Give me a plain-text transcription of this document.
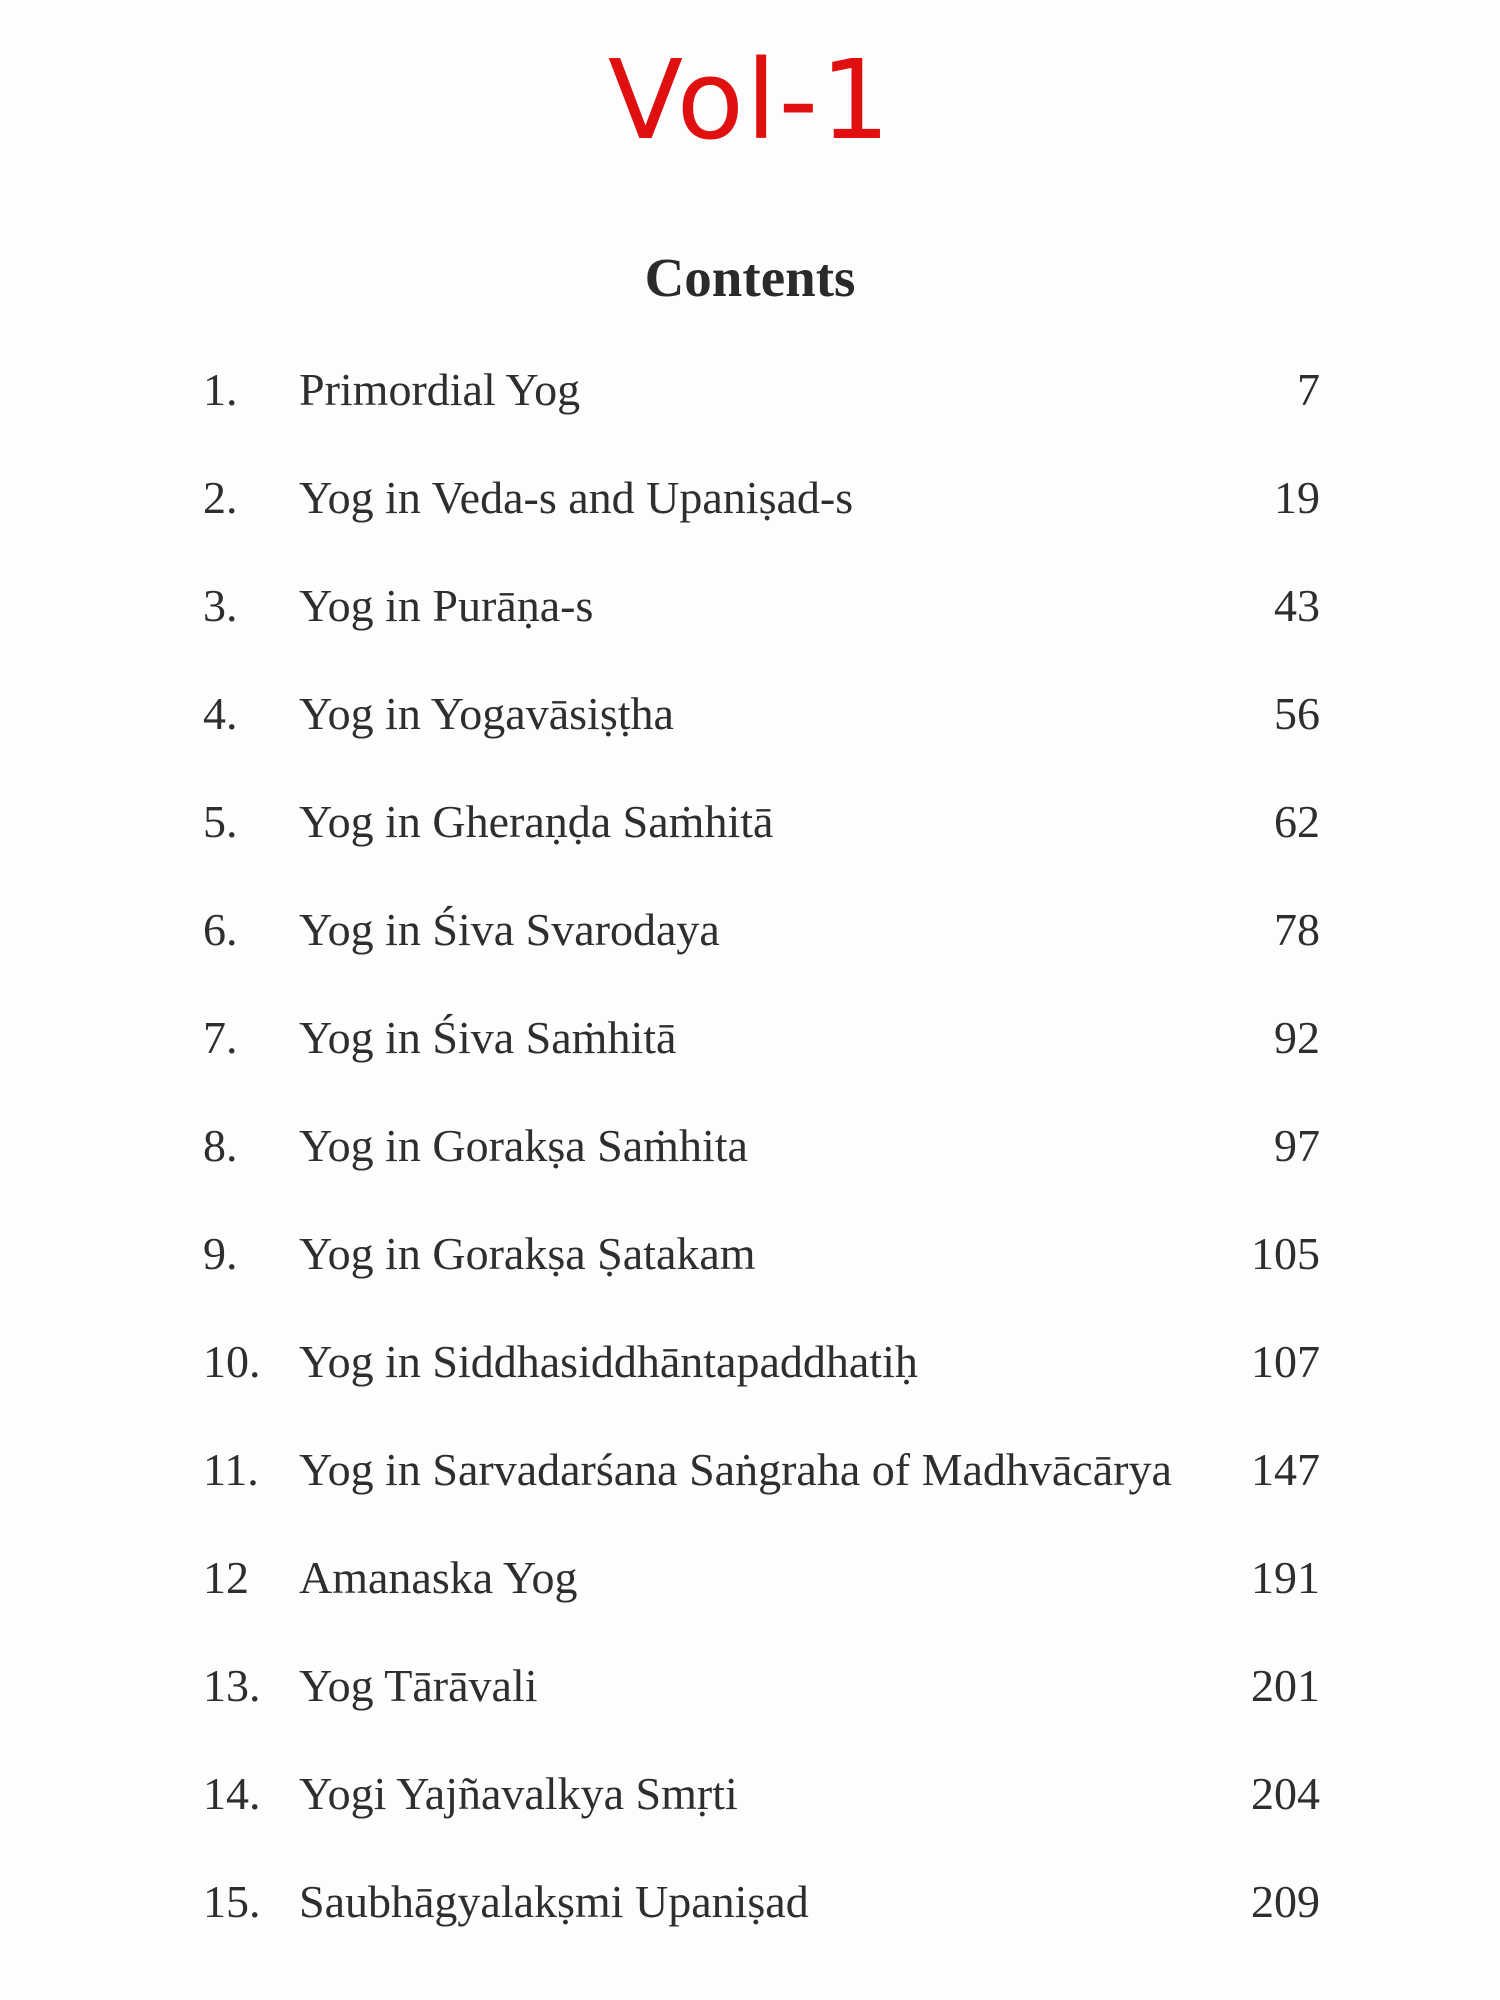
Vol-1
Contents
1. Primordial Yog	7
2. Yog in Veda-s and Upaniṣad-s	19
3. Yog in Purāṇa-s	43
4. Yog in Yogavāsiṣṭha	56
5. Yog in Gheraṇḍa Saṁhitā	62
6. Yog in Śiva Svarodaya	78
7. Yog in Śiva Saṁhitā	92
8. Yog in Gorakṣa Saṁhita	97
9. Yog in Gorakṣa Ṣatakam	105
10. Yog in Siddhasiddhāntapaddhatiḥ	107
11. Yog in Sarvadarśana Saṅgraha of Madhvācārya 147
12 Amanaska Yog	191
13. Yog Tārāvali	201
14. Yogi Yajñavalkya Smṛti	204
15. Saubhāgyalakṣmi Upaniṣad	209
